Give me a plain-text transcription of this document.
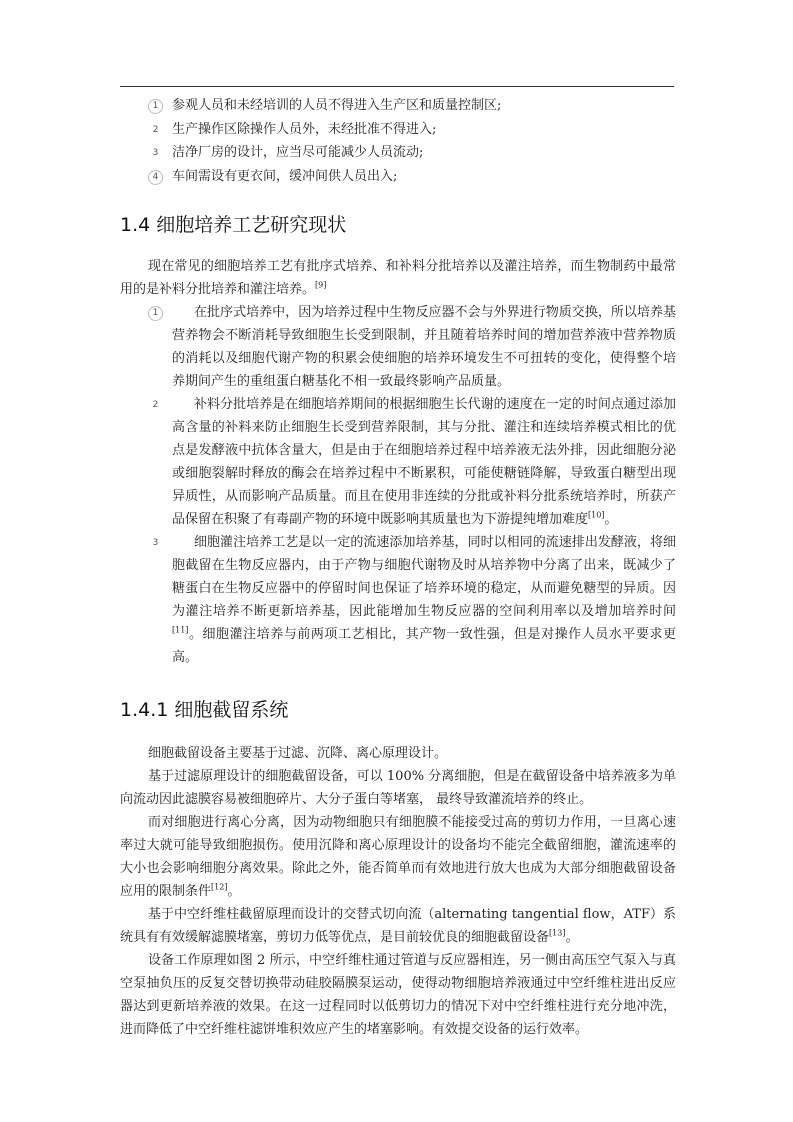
1	参观人员和未经培训的人员不得进入生产区和质量控制区;

2	生产操作区除操作人员外，未经批准不得进入;

3	洁净厂房的设计，应当尽可能减少人员流动;

4	车间需设有更衣间，缓冲间供人员出入;

1.4 细胞培养工艺研究现状

现在常见的细胞培养工艺有批序式培养、和补料分批培养以及灌注培养，而生物制药中最常用的是补料分批培养和灌注培养。[9]

1	在批序式培养中，因为培养过程中生物反应器不会与外界进行物质交换，所以培养基营养物会不断消耗导致细胞生长受到限制，并且随着培养时间的增加营养液中营养物质的消耗以及细胞代谢产物的积累会使细胞的培养环境发生不可扭转的变化，使得整个培养期间产生的重组蛋白糖基化不相一致最终影响产品质量。

2	补料分批培养是在细胞培养期间的根据细胞生长代谢的速度在一定的时间点通过添加高含量的补料来防止细胞生长受到营养限制，其与分批、灌注和连续培养模式相比的优点是发酵液中抗体含量大，但是由于在细胞培养过程中培养液无法外排，因此细胞分泌或细胞裂解时释放的酶会在培养过程中不断累积，可能使糖链降解，导致蛋白糖型出现异质性，从而影响产品质量。而且在使用非连续的分批或补料分批系统培养时，所获产品保留在积聚了有毒副产物的环境中既影响其质量也为下游提纯增加难度[10]。

3	细胞灌注培养工艺是以一定的流速添加培养基，同时以相同的流速排出发酵液，将细胞截留在生物反应器内，由于产物与细胞代谢物及时从培养物中分离了出来，既减少了糖蛋白在生物反应器中的停留时间也保证了培养环境的稳定，从而避免糖型的异质。因为灌注培养不断更新培养基，因此能增加生物反应器的空间利用率以及增加培养时间[11]。细胞灌注培养与前两项工艺相比，其产物一致性强，但是对操作人员水平要求更高。

1.4.1 细胞截留系统

细胞截留设备主要基于过滤、沉降、离心原理设计。

基于过滤原理设计的细胞截留设备，可以 100% 分离细胞，但是在截留设备中培养液多为单向流动因此滤膜容易被细胞碎片、大分子蛋白等堵塞， 最终导致灌流培养的终止。

而对细胞进行离心分离，因为动物细胞只有细胞膜不能接受过高的剪切力作用，一旦离心速率过大就可能导致细胞损伤。使用沉降和离心原理设计的设备均不能完全截留细胞，灌流速率的大小也会影响细胞分离效果。除此之外，能否简单而有效地进行放大也成为大部分细胞截留设备应用的限制条件[12]。

基于中空纤维柱截留原理而设计的交替式切向流（alternating tangential flow，ATF）系统具有有效缓解滤膜堵塞，剪切力低等优点，是目前较优良的细胞截留设备[13]。

设备工作原理如图 2 所示，中空纤维柱通过管道与反应器相连，另一侧由高压空气泵入与真空泵抽负压的反复交替切换带动硅胶隔膜泵运动，使得动物细胞培养液通过中空纤维柱进出反应器达到更新培养液的效果。在这一过程同时以低剪切力的情况下对中空纤维柱进行充分地冲洗，进而降低了中空纤维柱滤饼堆积效应产生的堵塞影响。有效提交设备的运行效率。
